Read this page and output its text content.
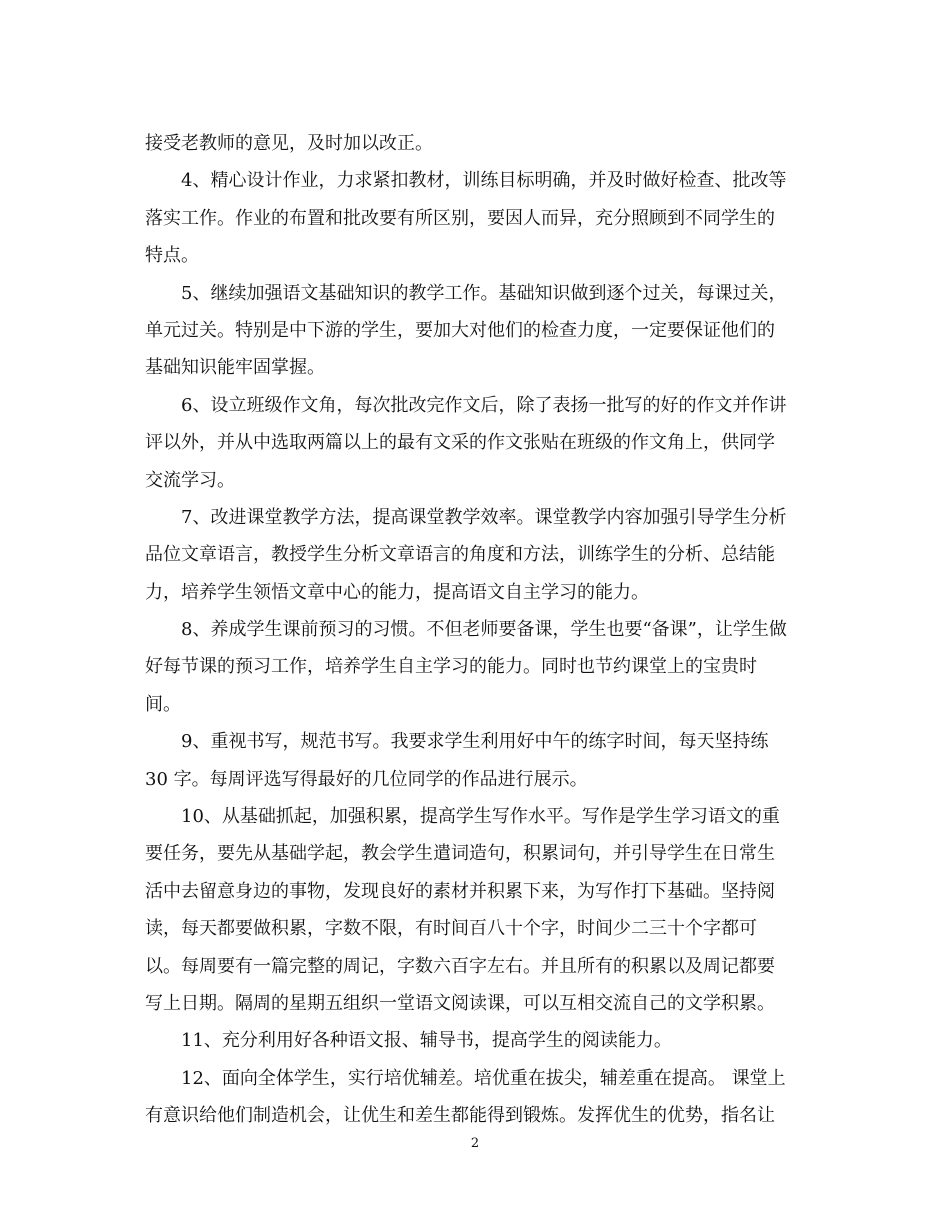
接受老教师的意见，及时加以改正。
4、精心设计作业，力求紧扣教材，训练目标明确，并及时做好检查、批改等
落实工作。作业的布置和批改要有所区别，要因人而异，充分照顾到不同学生的
特点。
5、继续加强语文基础知识的教学工作。基础知识做到逐个过关，每课过关，
单元过关。特别是中下游的学生，要加大对他们的检查力度，一定要保证他们的
基础知识能牢固掌握。
6、设立班级作文角，每次批改完作文后，除了表扬一批写的好的作文并作讲
评以外，并从中选取两篇以上的最有文采的作文张贴在班级的作文角上，供同学
交流学习。
7、改进课堂教学方法，提高课堂教学效率。课堂教学内容加强引导学生分析
品位文章语言，教授学生分析文章语言的角度和方法，训练学生的分析、总结能
力，培养学生领悟文章中心的能力，提高语文自主学习的能力。
8、养成学生课前预习的习惯。不但老师要备课，学生也要“备课”，让学生做
好每节课的预习工作，培养学生自主学习的能力。同时也节约课堂上的宝贵时
间。
9、重视书写，规范书写。我要求学生利用好中午的练字时间，每天坚持练
30 字。每周评选写得最好的几位同学的作品进行展示。
10、从基础抓起，加强积累，提高学生写作水平。写作是学生学习语文的重
要任务，要先从基础学起，教会学生遣词造句，积累词句，并引导学生在日常生
活中去留意身边的事物，发现良好的素材并积累下来，为写作打下基础。坚持阅
读，每天都要做积累，字数不限，有时间百八十个字，时间少二三十个字都可
以。每周要有一篇完整的周记，字数六百字左右。并且所有的积累以及周记都要
写上日期。隔周的星期五组织一堂语文阅读课，可以互相交流自己的文学积累。
11、充分利用好各种语文报、辅导书，提高学生的阅读能力。
12、面向全体学生，实行培优辅差。培优重在拔尖，辅差重在提高。 课堂上
有意识给他们制造机会，让优生和差生都能得到锻炼。发挥优生的优势，指名让
2
